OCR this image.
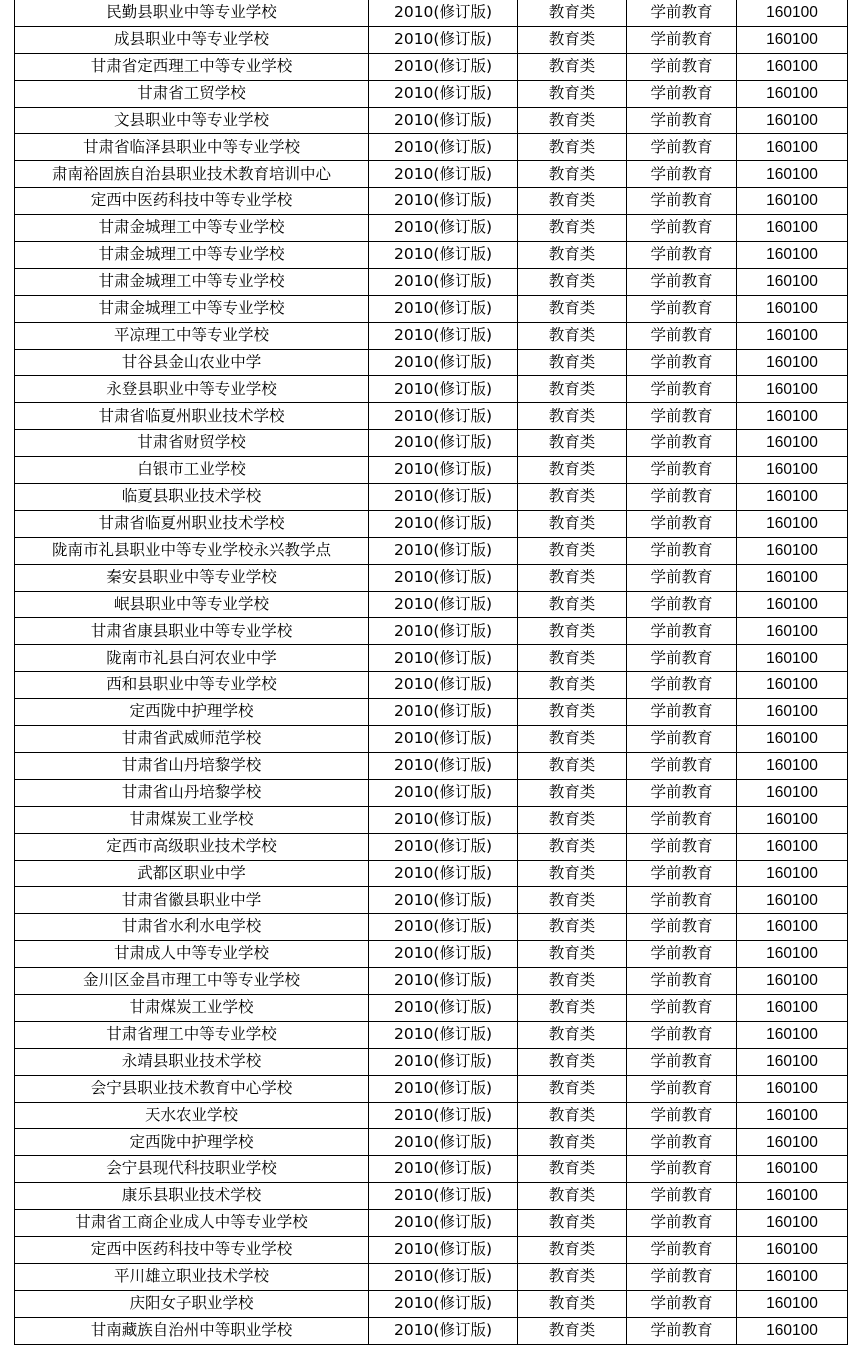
民勤县职业中等专业学校	2010(修订版)	教育类	学前教育	160100
成县职业中等专业学校	2010(修订版)	教育类	学前教育	160100
甘肃省定西理工中等专业学校	2010(修订版)	教育类	学前教育	160100
甘肃省工贸学校	2010(修订版)	教育类	学前教育	160100
文县职业中等专业学校	2010(修订版)	教育类	学前教育	160100
甘肃省临泽县职业中等专业学校	2010(修订版)	教育类	学前教育	160100
肃南裕固族自治县职业技术教育培训中心	2010(修订版)	教育类	学前教育	160100
定西中医药科技中等专业学校	2010(修订版)	教育类	学前教育	160100
甘肃金城理工中等专业学校	2010(修订版)	教育类	学前教育	160100
甘肃金城理工中等专业学校	2010(修订版)	教育类	学前教育	160100
甘肃金城理工中等专业学校	2010(修订版)	教育类	学前教育	160100
甘肃金城理工中等专业学校	2010(修订版)	教育类	学前教育	160100
平凉理工中等专业学校	2010(修订版)	教育类	学前教育	160100
甘谷县金山农业中学	2010(修订版)	教育类	学前教育	160100
永登县职业中等专业学校	2010(修订版)	教育类	学前教育	160100
甘肃省临夏州职业技术学校	2010(修订版)	教育类	学前教育	160100
甘肃省财贸学校	2010(修订版)	教育类	学前教育	160100
白银市工业学校	2010(修订版)	教育类	学前教育	160100
临夏县职业技术学校	2010(修订版)	教育类	学前教育	160100
甘肃省临夏州职业技术学校	2010(修订版)	教育类	学前教育	160100
陇南市礼县职业中等专业学校永兴教学点	2010(修订版)	教育类	学前教育	160100
秦安县职业中等专业学校	2010(修订版)	教育类	学前教育	160100
岷县职业中等专业学校	2010(修订版)	教育类	学前教育	160100
甘肃省康县职业中等专业学校	2010(修订版)	教育类	学前教育	160100
陇南市礼县白河农业中学	2010(修订版)	教育类	学前教育	160100
西和县职业中等专业学校	2010(修订版)	教育类	学前教育	160100
定西陇中护理学校	2010(修订版)	教育类	学前教育	160100
甘肃省武威师范学校	2010(修订版)	教育类	学前教育	160100
甘肃省山丹培黎学校	2010(修订版)	教育类	学前教育	160100
甘肃省山丹培黎学校	2010(修订版)	教育类	学前教育	160100
甘肃煤炭工业学校	2010(修订版)	教育类	学前教育	160100
定西市高级职业技术学校	2010(修订版)	教育类	学前教育	160100
武都区职业中学	2010(修订版)	教育类	学前教育	160100
甘肃省徽县职业中学	2010(修订版)	教育类	学前教育	160100
甘肃省水利水电学校	2010(修订版)	教育类	学前教育	160100
甘肃成人中等专业学校	2010(修订版)	教育类	学前教育	160100
金川区金昌市理工中等专业学校	2010(修订版)	教育类	学前教育	160100
甘肃煤炭工业学校	2010(修订版)	教育类	学前教育	160100
甘肃省理工中等专业学校	2010(修订版)	教育类	学前教育	160100
永靖县职业技术学校	2010(修订版)	教育类	学前教育	160100
会宁县职业技术教育中心学校	2010(修订版)	教育类	学前教育	160100
天水农业学校	2010(修订版)	教育类	学前教育	160100
定西陇中护理学校	2010(修订版)	教育类	学前教育	160100
会宁县现代科技职业学校	2010(修订版)	教育类	学前教育	160100
康乐县职业技术学校	2010(修订版)	教育类	学前教育	160100
甘肃省工商企业成人中等专业学校	2010(修订版)	教育类	学前教育	160100
定西中医药科技中等专业学校	2010(修订版)	教育类	学前教育	160100
平川雄立职业技术学校	2010(修订版)	教育类	学前教育	160100
庆阳女子职业学校	2010(修订版)	教育类	学前教育	160100
甘南藏族自治州中等职业学校	2010(修订版)	教育类	学前教育	160100
